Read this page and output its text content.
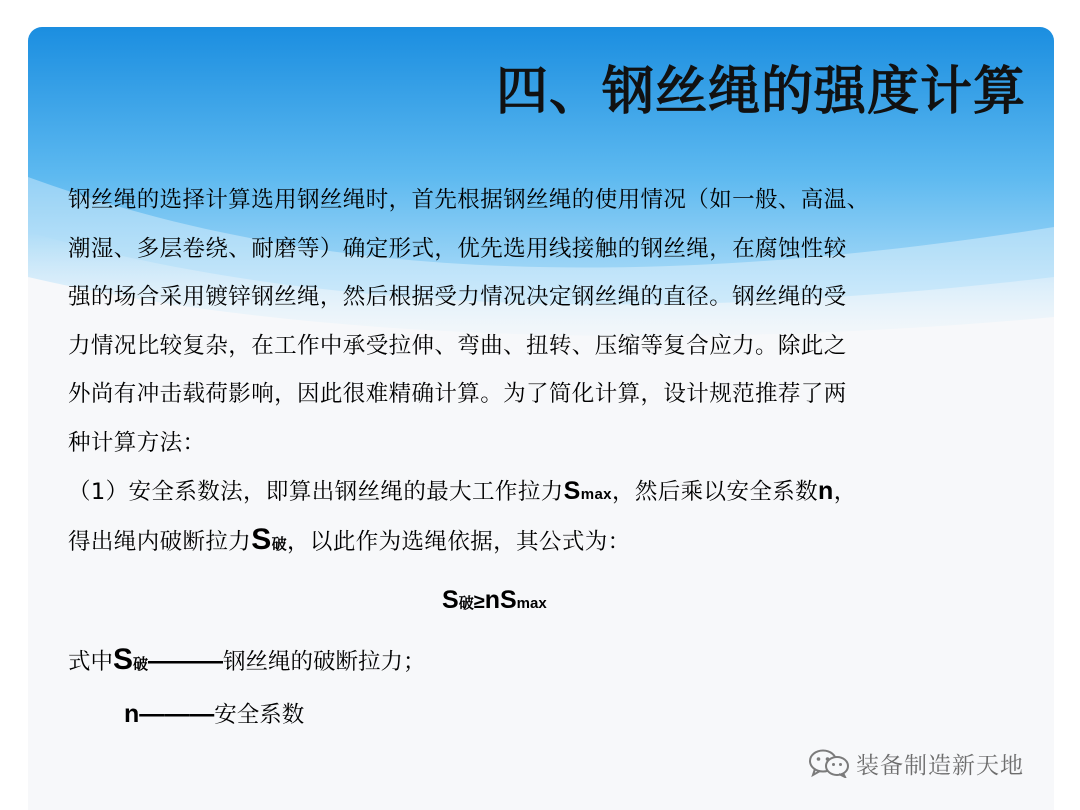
四、钢丝绳的强度计算
钢丝绳的选择计算选用钢丝绳时，首先根据钢丝绳的使用情况（如一般、高温、
潮湿、多层卷绕、耐磨等）确定形式，优先选用线接触的钢丝绳，在腐蚀性较
强的场合采用镀锌钢丝绳，然后根据受力情况决定钢丝绳的直径。钢丝绳的受
力情况比较复杂，在工作中承受拉伸、弯曲、扭转、压缩等复合应力。除此之
外尚有冲击载荷影响，因此很难精确计算。为了简化计算，设计规范推荐了两
种计算方法：
（1）安全系数法，即算出钢丝绳的最大工作拉力Smax，然后乘以安全系数n，
得出绳内破断拉力S破，以此作为选绳依据，其公式为：
S破≥nSmax
式中S破———钢丝绳的破断拉力；
n———安全系数
装备制造新天地
